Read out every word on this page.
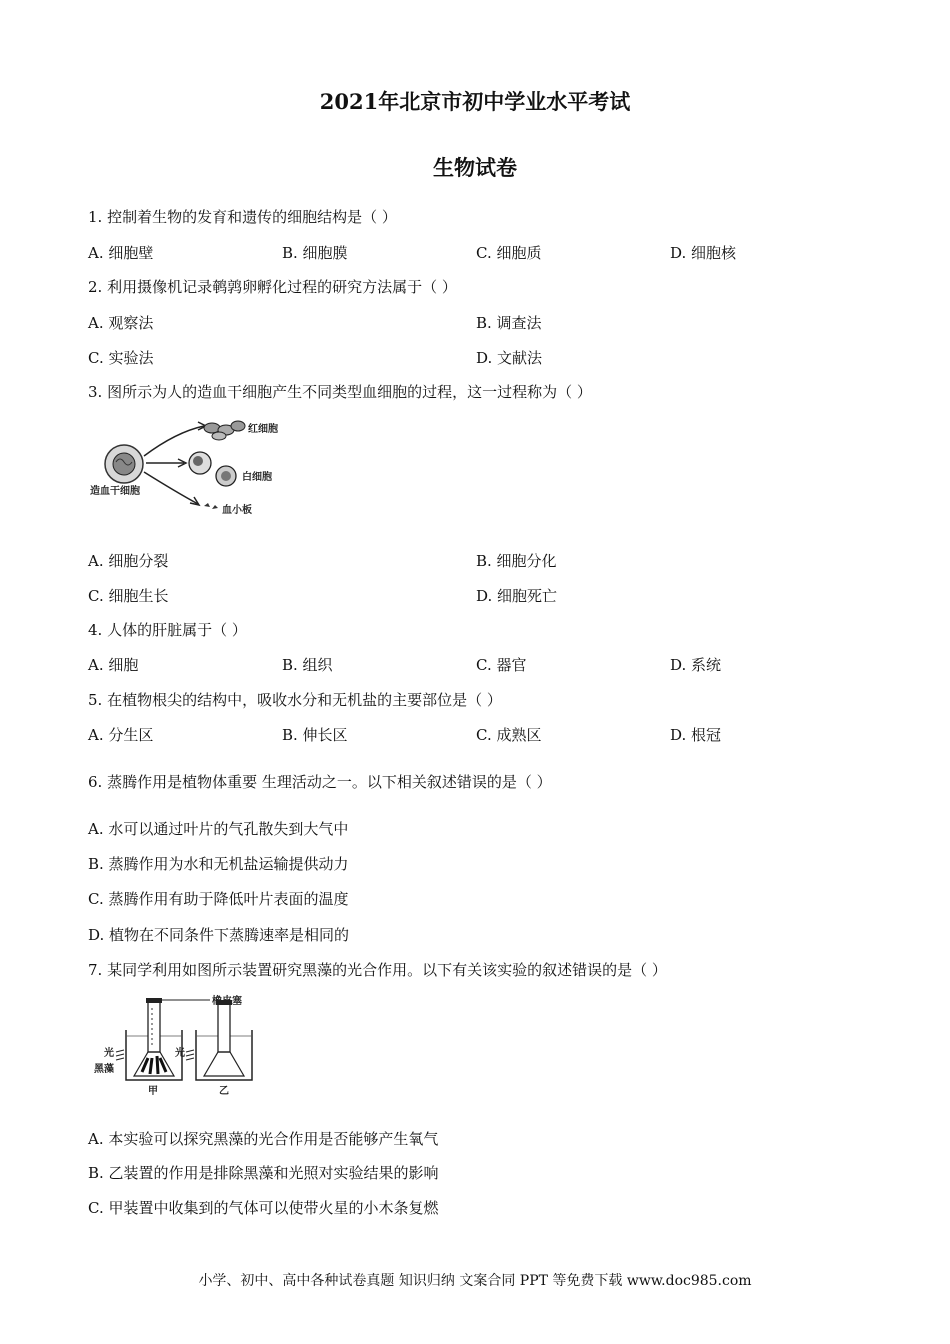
2021年北京市初中学业水平考试
生物试卷
1. 控制着生物的发育和遗传的细胞结构是（ ）
A. 细胞壁	B. 细胞膜	C. 细胞质	D. 细胞核
2. 利用摄像机记录鹌鹑卵孵化过程的研究方法属于（ ）
A. 观察法	B. 调查法
C. 实验法	D. 文献法
3. 图所示为人的造血干细胞产生不同类型血细胞的过程，这一过程称为（ ）
红细胞
白细胞
血小板
造血干细胞
A. 细胞分裂	B. 细胞分化
C. 细胞生长	D. 细胞死亡
4. 人体的肝脏属于（ ）
A. 细胞	B. 组织	C. 器官	D. 系统
5. 在植物根尖的结构中，吸收水分和无机盐的主要部位是（ ）
A. 分生区	B. 伸长区	C. 成熟区	D. 根冠
6. 蒸腾作用是植物体重要 生理活动之一。以下相关叙述错误的是（ ）
A. 水可以通过叶片的气孔散失到大气中
B. 蒸腾作用为水和无机盐运输提供动力
C. 蒸腾作用有助于降低叶片表面的温度
D. 植物在不同条件下蒸腾速率是相同的
7. 某同学利用如图所示装置研究黑藻的光合作用。以下有关该实验的叙述错误的是（ ）
橡皮塞
光
黑藻
甲
光
乙
A. 本实验可以探究黑藻的光合作用是否能够产生氧气
B. 乙装置的作用是排除黑藻和光照对实验结果的影响
C. 甲装置中收集到的气体可以使带火星的小木条复燃
小学、初中、高中各种试卷真题 知识归纳 文案合同 PPT 等免费下载 www.doc985.com
